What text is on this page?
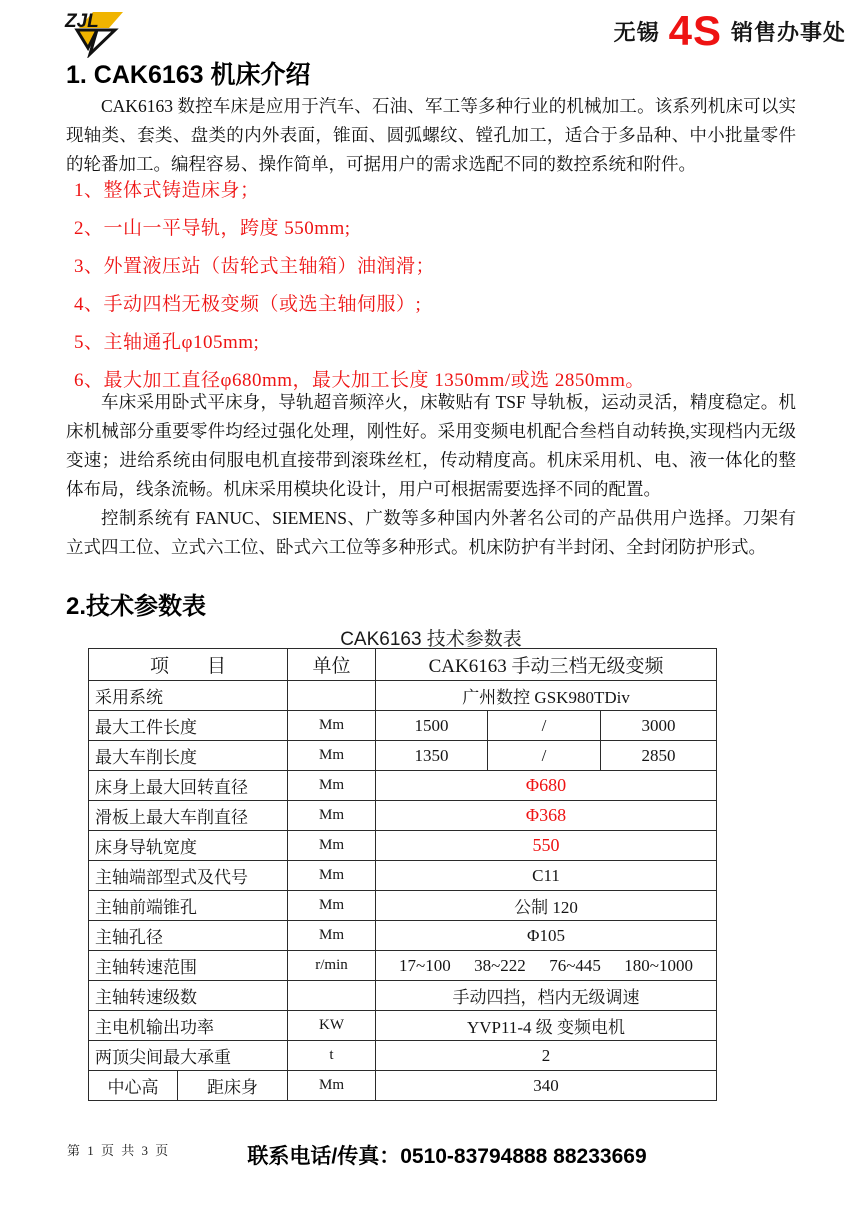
ZJL	无锡 4S 销售办事处
1. CAK6163 机床介绍

CAK6163 数控车床是应用于汽车、石油、军工等多种行业的机械加工。该系列机床可以实现轴类、套类、盘类的内外表面，锥面、圆弧螺纹、镗孔加工，适合于多品种、中小批量零件的轮番加工。编程容易、操作简单，可据用户的需求选配不同的数控系统和附件。

1、整体式铸造床身；
2、一山一平导轨，跨度 550mm;
3、外置液压站（齿轮式主轴箱）油润滑；
4、手动四档无极变频（或选主轴伺服）;
5、主轴通孔φ105mm;
6、最大加工直径φ680mm，最大加工长度 1350mm/或选 2850mm。

车床采用卧式平床身，导轨超音频淬火，床鞍贴有 TSF 导轨板，运动灵活，精度稳定。机床机械部分重要零件均经过强化处理，刚性好。采用变频电机配合叁档自动转换,实现档内无级变速；进给系统由伺服电机直接带到滚珠丝杠，传动精度高。机床采用机、电、液一体化的整体布局，线条流畅。机床采用模块化设计，用户可根据需要选择不同的配置。

控制系统有 FANUC、SIEMENS、广数等多种国内外著名公司的产品供用户选择。刀架有立式四工位、立式六工位、卧式六工位等多种形式。机床防护有半封闭、全封闭防护形式。

2.技术参数表

CAK6163 技术参数表

项　　目		单位	CAK6163 手动三档无级变频		
采用系统			广州数控 GSK980TDiv		
最大工件长度		Mm	1500	/	3000
最大车削长度		Mm	1350	/	2850
床身上最大回转直径		Mm	Φ680		
滑板上最大车削直径		Mm	Φ368		
床身导轨宽度		Mm	550		
主轴端部型式及代号		Mm	C11		
主轴前端锥孔		Mm	公制 120		
主轴孔径		Mm	Φ105		
主轴转速范围		r/min	17~100 38~222 76~445 180~1000		

主轴转速级数			手动四挡，档内无级调速		
主电机输出功率		KW	YVP11-4 级 变频电机		
两顶尖间最大承重		t	2		
中心高	距床身	Mm	340		
第 1 页 共 3 页	联系电话/传真：0510-83794888 88233669
